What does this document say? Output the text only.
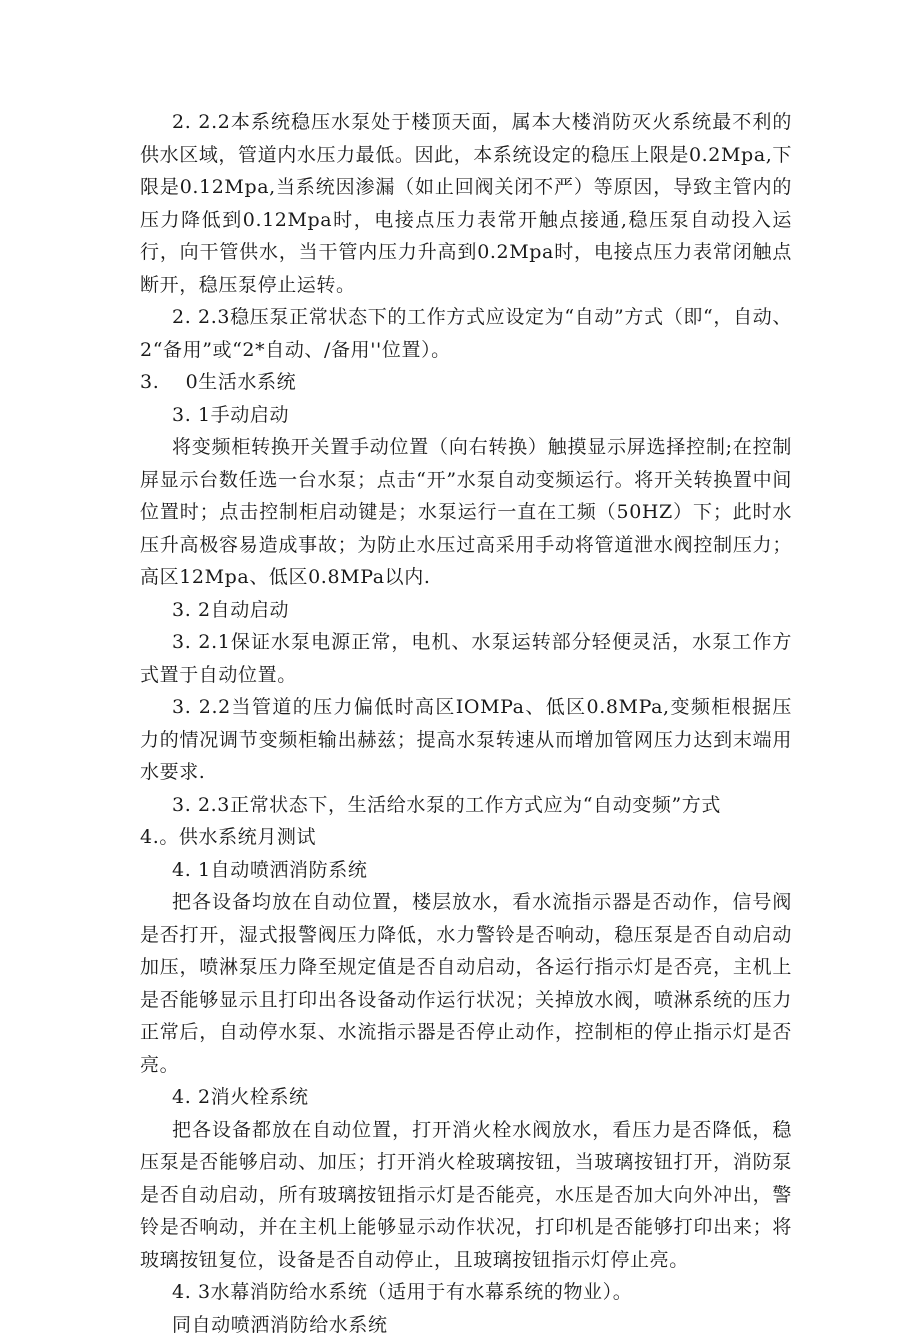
2. 2.2本系统稳压水泵处于楼顶天面，属本大楼消防灭火系统最不利的供水区域，管道内水压力最低。因此，本系统设定的稳压上限是0.2Mpa,下限是0.12Mpa,当系统因渗漏（如止回阀关闭不严）等原因，导致主管内的压力降低到0.12Mpa时，电接点压力表常开触点接通,稳压泵自动投入运行，向干管供水，当干管内压力升高到0.2Mpa时，电接点压力表常闭触点断开，稳压泵停止运转。

2. 2.3稳压泵正常状态下的工作方式应设定为“自动”方式（即“，自动、2“备用”或“2*自动、/备用''位置）。

3.　 0生活水系统

3. 1手动启动

将变频柜转换开关置手动位置（向右转换）触摸显示屏选择控制;在控制屏显示台数任选一台水泵；点击“开”水泵自动变频运行。将开关转换置中间位置时；点击控制柜启动键是；水泵运行一直在工频（50HZ）下；此时水压升高极容易造成事故；为防止水压过高采用手动将管道泄水阀控制压力；高区12Mpa、低区0.8MPa以内.

3. 2自动启动

3. 2.1保证水泵电源正常，电机、水泵运转部分轻便灵活，水泵工作方式置于自动位置。

3. 2.2当管道的压力偏低时高区IOMPa、低区0.8MPa,变频柜根据压力的情况调节变频柜输出赫兹；提高水泵转速从而增加管网压力达到末端用水要求.

3. 2.3正常状态下，生活给水泵的工作方式应为“自动变频”方式

4.。供水系统月测试

4. 1自动喷洒消防系统

把各设备均放在自动位置，楼层放水，看水流指示器是否动作，信号阀是否打开，湿式报警阀压力降低，水力警铃是否响动，稳压泵是否自动启动加压，喷淋泵压力降至规定值是否自动启动，各运行指示灯是否亮，主机上是否能够显示且打印出各设备动作运行状况；关掉放水阀，喷淋系统的压力正常后，自动停水泵、水流指示器是否停止动作，控制柜的停止指示灯是否亮。

4. 2消火栓系统

把各设备都放在自动位置，打开消火栓水阀放水，看压力是否降低，稳压泵是否能够启动、加压；打开消火栓玻璃按钮，当玻璃按钮打开，消防泵是否自动启动，所有玻璃按钮指示灯是否能亮，水压是否加大向外冲出，警铃是否响动，并在主机上能够显示动作状况，打印机是否能够打印出来；将玻璃按钮复位，设备是否自动停止，且玻璃按钮指示灯停止亮。

4. 3水幕消防给水系统（适用于有水幕系统的物业）。

同自动喷洒消防给水系统
